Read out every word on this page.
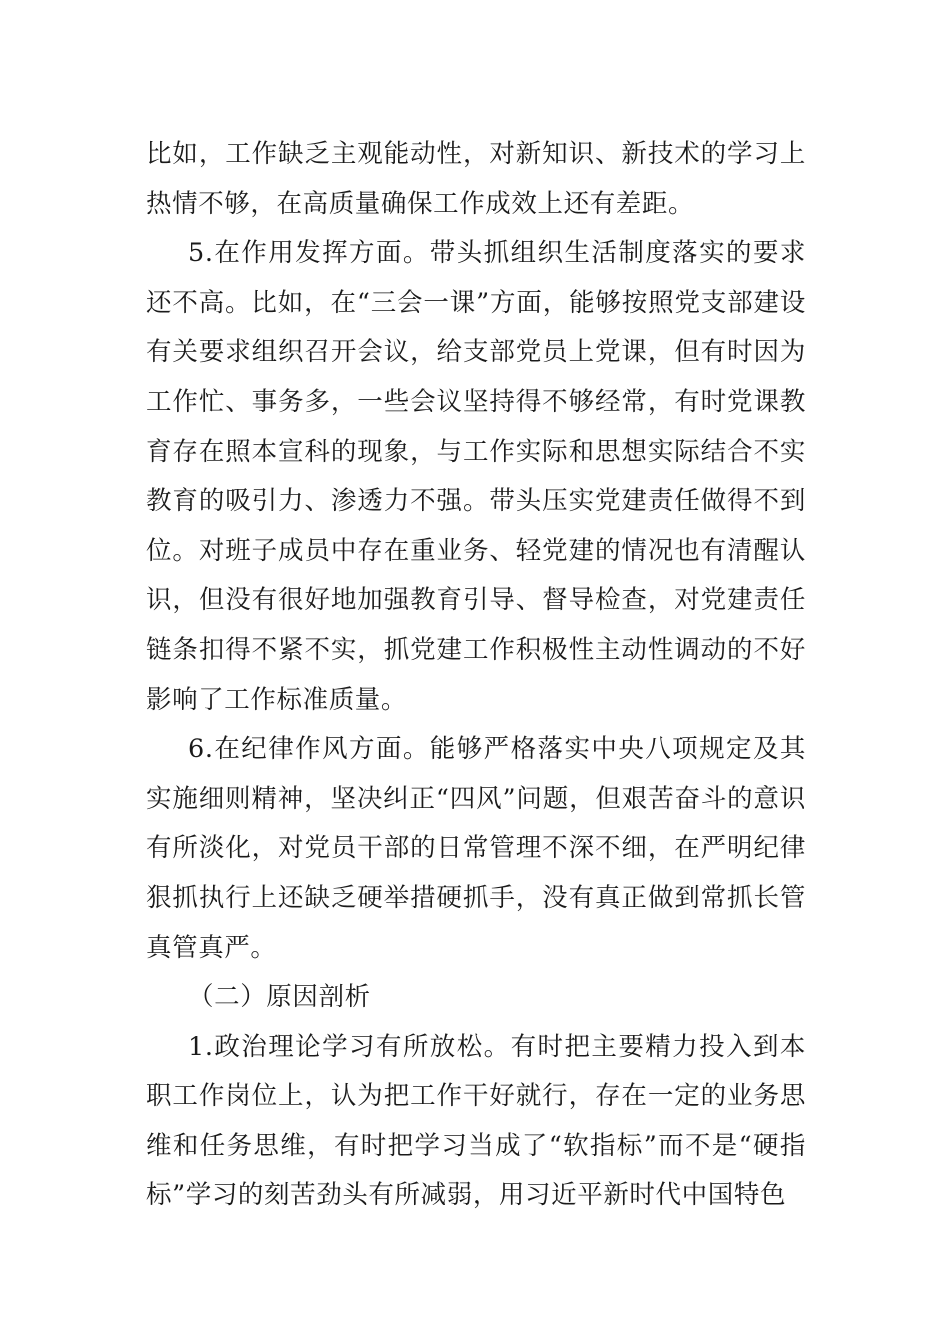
比如，工作缺乏主观能动性，对新知识、新技术的学习上热情不够，在高质量确保工作成效上还有差距。

5.在作用发挥方面。带头抓组织生活制度落实的要求还不高。比如，在“三会一课”方面，能够按照党支部建设有关要求组织召开会议，给支部党员上党课，但有时因为工作忙、事务多，一些会议坚持得不够经常，有时党课教育存在照本宣科的现象，与工作实际和思想实际结合不实教育的吸引力、渗透力不强。带头压实党建责任做得不到位。对班子成员中存在重业务、轻党建的情况也有清醒认识，但没有很好地加强教育引导、督导检查，对党建责任链条扣得不紧不实，抓党建工作积极性主动性调动的不好影响了工作标准质量。

6.在纪律作风方面。能够严格落实中央八项规定及其实施细则精神，坚决纠正“四风”问题，但艰苦奋斗的意识有所淡化，对党员干部的日常管理不深不细，在严明纪律狠抓执行上还缺乏硬举措硬抓手，没有真正做到常抓长管真管真严。

（二）原因剖析

1.政治理论学习有所放松。有时把主要精力投入到本职工作岗位上，认为把工作干好就行，存在一定的业务思维和任务思维，有时把学习当成了“软指标”而不是“硬指标”学习的刻苦劲头有所减弱，用习近平新时代中国特色
